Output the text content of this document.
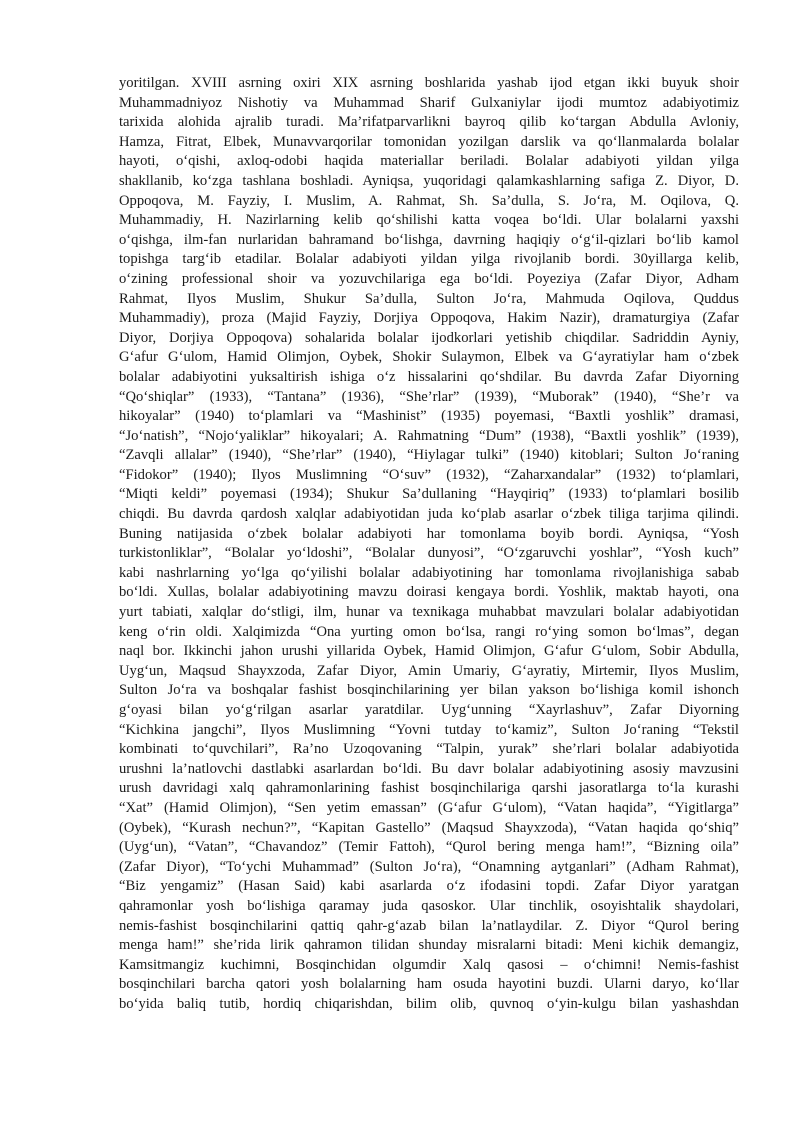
yoritilgan. XVIII asrning oxiri XIX asrning boshlarida yashab ijod etgan ikki buyuk shoir
Muhammadniyoz Nishotiy va Muhammad Sharif Gulxaniylar ijodi mumtoz adabiyotimiz
tarixida alohida ajralib turadi. Ma’rifatparvarlikni bayroq qilib ko‘targan Abdulla Avloniy,
Hamza, Fitrat, Elbek, Munavvarqorilar tomonidan yozilgan darslik va qo‘llanmalarda bolalar
hayoti, o‘qishi, axloq-odobi haqida materiallar beriladi. Bolalar adabiyoti yildan yilga
shakllanib, ko‘zga tashlana boshladi. Ayniqsa, yuqoridagi qalamkashlarning safiga Z. Diyor, D.
Oppoqova, M. Fayziy, I. Muslim, A. Rahmat, Sh. Sa’dulla, S. Jo‘ra, M. Oqilova, Q.
Muhammadiy, H. Nazirlarning kelib qo‘shilishi katta voqea bo‘ldi. Ular bolalarni yaxshi
o‘qishga, ilm-fan nurlaridan bahramand bo‘lishga, davrning haqiqiy o‘g‘il-qizlari bo‘lib kamol
topishga targ‘ib etadilar. Bolalar adabiyoti yildan yilga rivojlanib bordi. 30yillarga kelib,
o‘zining professional shoir va yozuvchilariga ega bo‘ldi. Poyeziya (Zafar Diyor, Adham
Rahmat, Ilyos Muslim, Shukur Sa’dulla, Sulton Jo‘ra, Mahmuda Oqilova, Quddus
Muhammadiy), proza (Majid Fayziy, Dorjiya Oppoqova, Hakim Nazir), dramaturgiya (Zafar
Diyor, Dorjiya Oppoqova) sohalarida bolalar ijodkorlari yetishib chiqdilar. Sadriddin Ayniy,
G‘afur G‘ulom, Hamid Olimjon, Oybek, Shokir Sulaymon, Elbek va G‘ayratiylar ham o‘zbek
bolalar adabiyotini yuksaltirish ishiga o‘z hissalarini qo‘shdilar. Bu davrda Zafar Diyorning
“Qo‘shiqlar” (1933), “Tantana” (1936), “She’rlar” (1939), “Muborak” (1940), “She’r va
hikoyalar” (1940) to‘plamlari va “Mashinist” (1935) poyemasi, “Baxtli yoshlik” dramasi,
“Jo‘natish”, “Nojo‘yaliklar” hikoyalari; A. Rahmatning “Dum” (1938), “Baxtli yoshlik” (1939),
“Zavqli allalar” (1940), “She’rlar” (1940), “Hiylagar tulki” (1940) kitoblari; Sulton Jo‘raning
“Fidokor” (1940); Ilyos Muslimning “O‘suv” (1932), “Zaharxandalar” (1932) to‘plamlari,
“Miqti keldi” poyemasi (1934); Shukur Sa’dullaning “Hayqiriq” (1933) to‘plamlari bosilib
chiqdi. Bu davrda qardosh xalqlar adabiyotidan juda ko‘plab asarlar o‘zbek tiliga tarjima qilindi.
Buning natijasida o‘zbek bolalar adabiyoti har tomonlama boyib bordi. Ayniqsa, “Yosh
turkistonliklar”, “Bolalar yo‘ldoshi”, “Bolalar dunyosi”, “O‘zgaruvchi yoshlar”, “Yosh kuch”
kabi nashrlarning yo‘lga qo‘yilishi bolalar adabiyotining har tomonlama rivojlanishiga sabab
bo‘ldi. Xullas, bolalar adabiyotining mavzu doirasi kengaya bordi. Yoshlik, maktab hayoti, ona
yurt tabiati, xalqlar do‘stligi, ilm, hunar va texnikaga muhabbat mavzulari bolalar adabiyotidan
keng o‘rin oldi. Xalqimizda “Ona yurting omon bo‘lsa, rangi ro‘ying somon bo‘lmas”, degan
naql bor. Ikkinchi jahon urushi yillarida Oybek, Hamid Olimjon, G‘afur G‘ulom, Sobir Abdulla,
Uyg‘un, Maqsud Shayxzoda, Zafar Diyor, Amin Umariy, G‘ayratiy, Mirtemir, Ilyos Muslim,
Sulton Jo‘ra va boshqalar fashist bosqinchilarining yer bilan yakson bo‘lishiga komil ishonch
g‘oyasi bilan yo‘g‘rilgan asarlar yaratdilar. Uyg‘unning “Xayrlashuv”, Zafar Diyorning
“Kichkina jangchi”, Ilyos Muslimning “Yovni tutday to‘kamiz”, Sulton Jo‘raning “Tekstil
kombinati to‘quvchilari”, Ra’no Uzoqovaning “Talpin, yurak” she’rlari bolalar adabiyotida
urushni la’natlovchi dastlabki asarlardan bo‘ldi. Bu davr bolalar adabiyotining asosiy mavzusini
urush davridagi xalq qahramonlarining fashist bosqinchilariga qarshi jasoratlarga to‘la kurashi
“Xat” (Hamid Olimjon), “Sen yetim emassan” (G‘afur G‘ulom), “Vatan haqida”, “Yigitlarga”
(Oybek), “Kurash nechun?”, “Kapitan Gastello” (Maqsud Shayxzoda), “Vatan haqida qo‘shiq”
(Uyg‘un), “Vatan”, “Chavandoz” (Temir Fattoh), “Qurol bering menga ham!”, “Bizning oila”
(Zafar Diyor), “To‘ychi Muhammad” (Sulton Jo‘ra), “Onamning aytganlari” (Adham Rahmat),
“Biz yengamiz” (Hasan Said) kabi asarlarda o‘z ifodasini topdi. Zafar Diyor yaratgan
qahramonlar yosh bo‘lishiga qaramay juda qasoskor. Ular tinchlik, osoyishtalik shaydolari,
nemis-fashist bosqinchilarini qattiq qahr-g‘azab bilan la’natlaydilar. Z. Diyor “Qurol bering
menga ham!” she’rida lirik qahramon tilidan shunday misralarni bitadi: Meni kichik demangiz,
Kamsitmangiz kuchimni, Bosqinchidan olgumdir Xalq qasosi – o‘chimni! Nemis-fashist
bosqinchilari barcha qatori yosh bolalarning ham osuda hayotini buzdi. Ularni daryo, ko‘llar
bo‘yida baliq tutib, hordiq chiqarishdan, bilim olib, quvnoq o‘yin-kulgu bilan yashashdan
